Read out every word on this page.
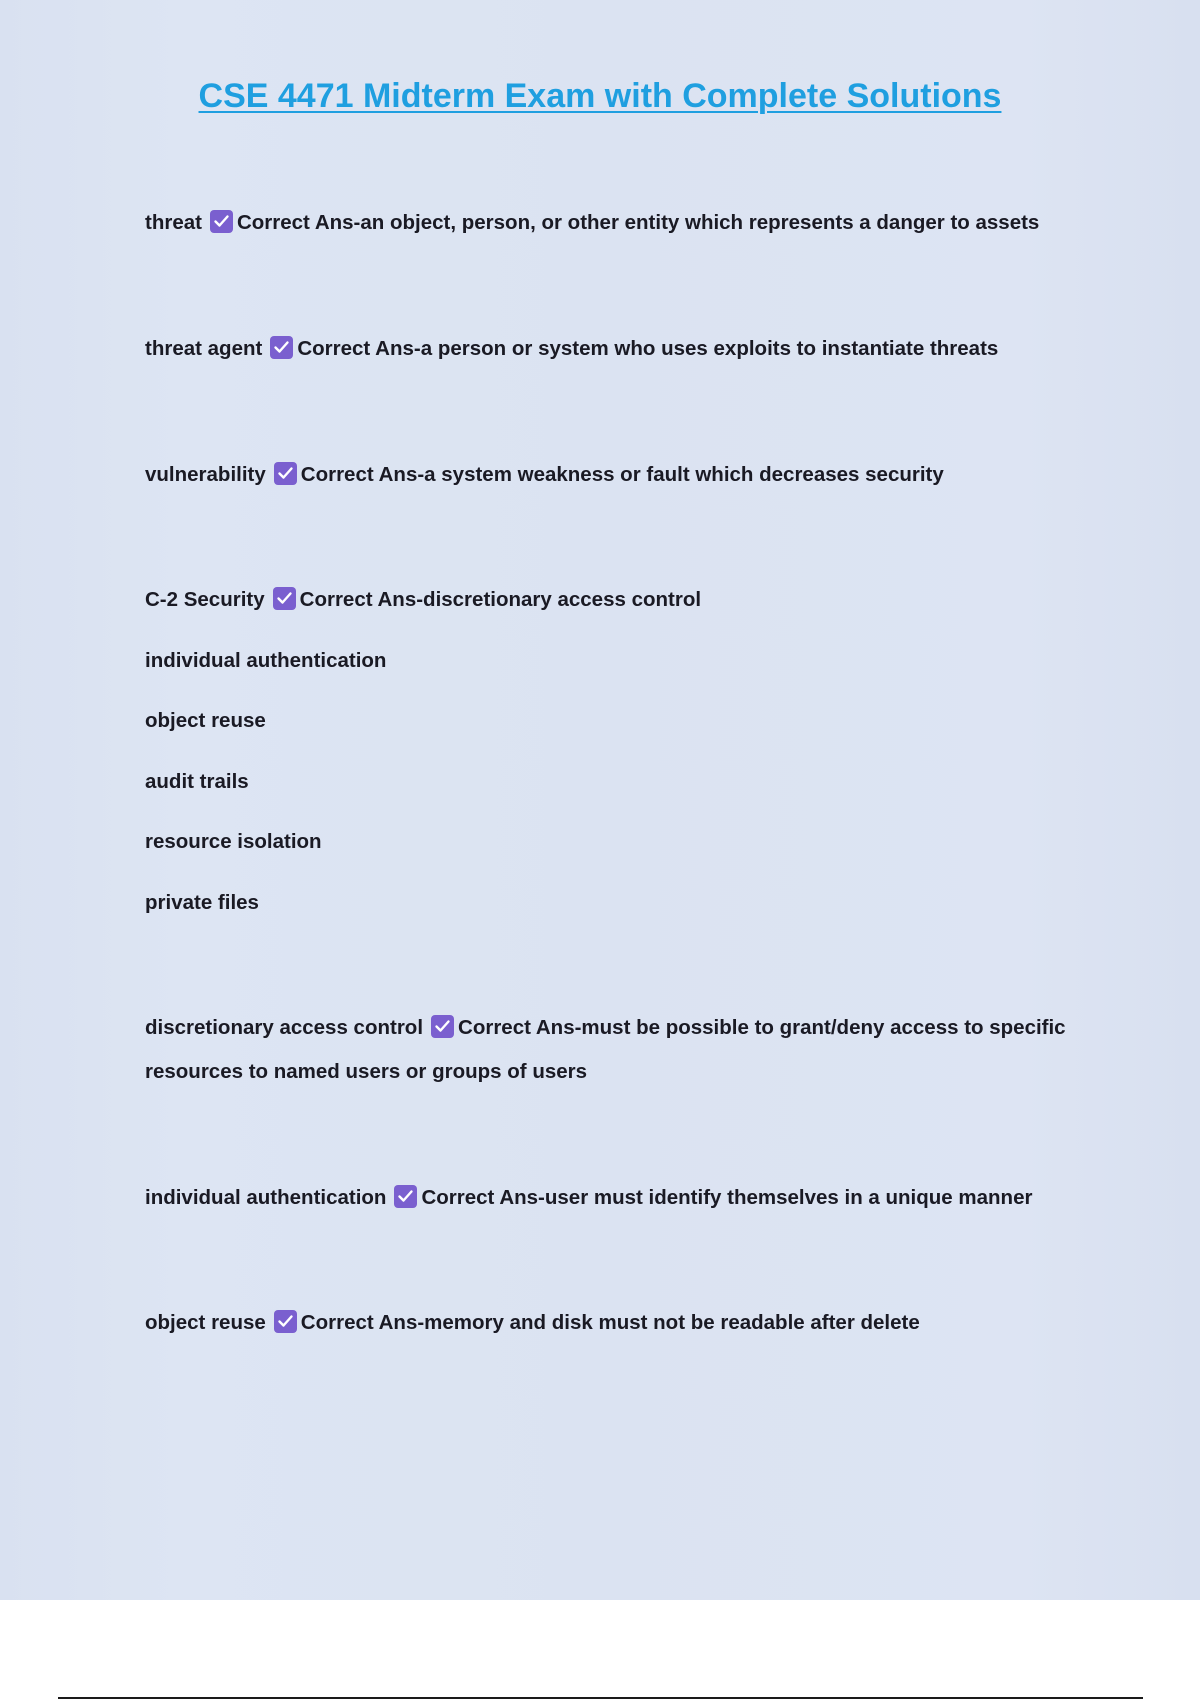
CSE 4471 Midterm Exam with Complete Solutions

threat Correct Ans-an object, person, or other entity which represents a danger to assets

threat agent Correct Ans-a person or system who uses exploits to instantiate threats

vulnerability Correct Ans-a system weakness or fault which decreases security

C-2 Security Correct Ans-discretionary access control

individual authentication

object reuse

audit trails

resource isolation

private files

discretionary access control Correct Ans-must be possible to grant/deny access to specific resources to named users or groups of users

individual authentication Correct Ans-user must identify themselves in a unique manner

object reuse Correct Ans-memory and disk must not be readable after delete
